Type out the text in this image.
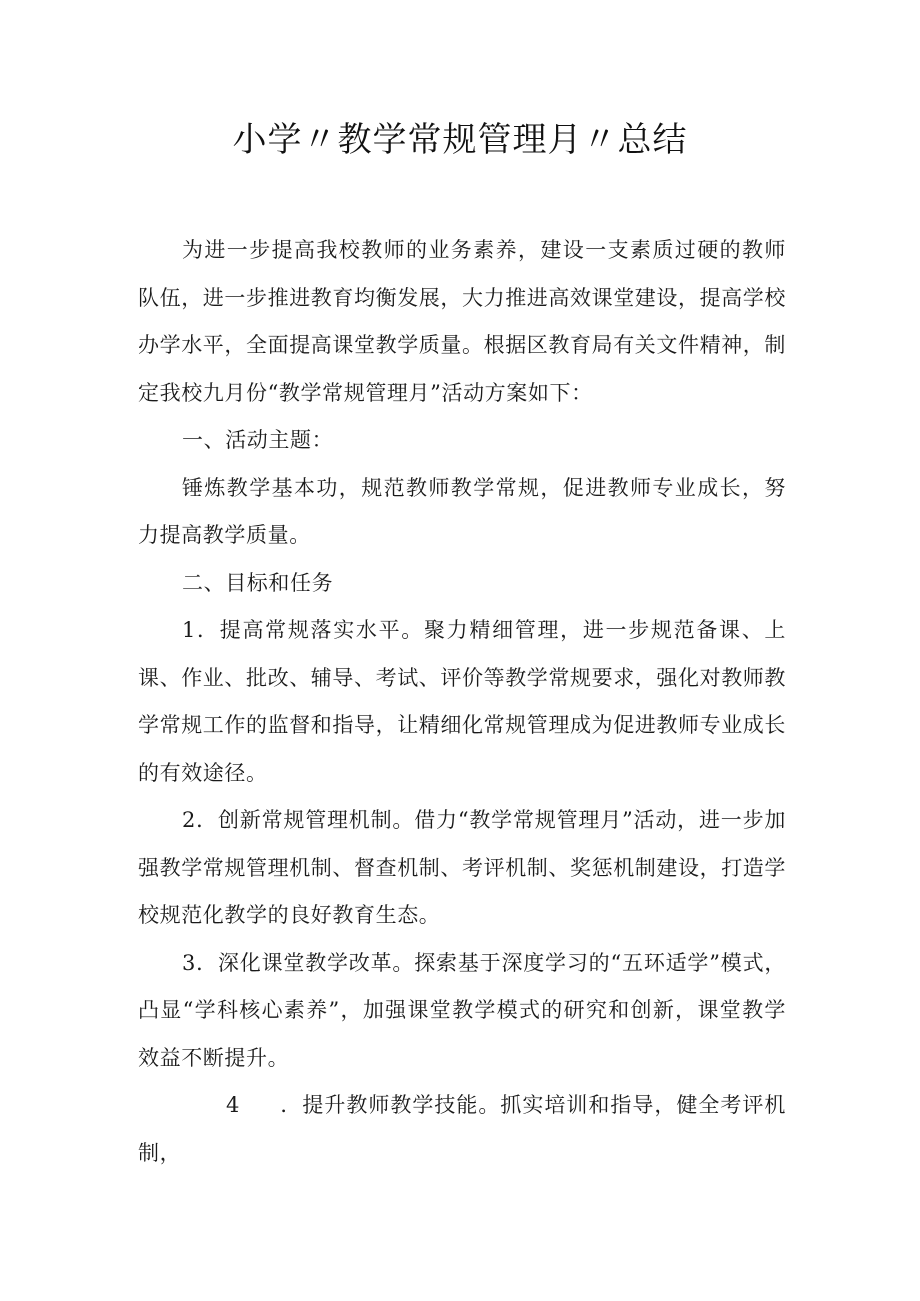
小学〃教学常规管理月〃总结

为进一步提高我校教师的业务素养，建设一支素质过硬的教师队伍，进一步推进教育均衡发展，大力推进高效课堂建设，提高学校办学水平，全面提高课堂教学质量。根据区教育局有关文件精神，制定我校九月份“教学常规管理月”活动方案如下：

一、活动主题：

锤炼教学基本功，规范教师教学常规，促进教师专业成长，努力提高教学质量。

二、目标和任务

1．提高常规落实水平。聚力精细管理，进一步规范备课、上课、作业、批改、辅导、考试、评价等教学常规要求，强化对教师教学常规工作的监督和指导，让精细化常规管理成为促进教师专业成长的有效途径。

2．创新常规管理机制。借力“教学常规管理月”活动，进一步加强教学常规管理机制、督查机制、考评机制、奖惩机制建设，打造学校规范化教学的良好教育生态。

3．深化课堂教学改革。探索基于深度学习的“五环适学”模式，凸显“学科核心素养”，加强课堂教学模式的研究和创新，课堂教学效益不断提升。

4 ．提升教师教学技能。抓实培训和指导，健全考评机制，
